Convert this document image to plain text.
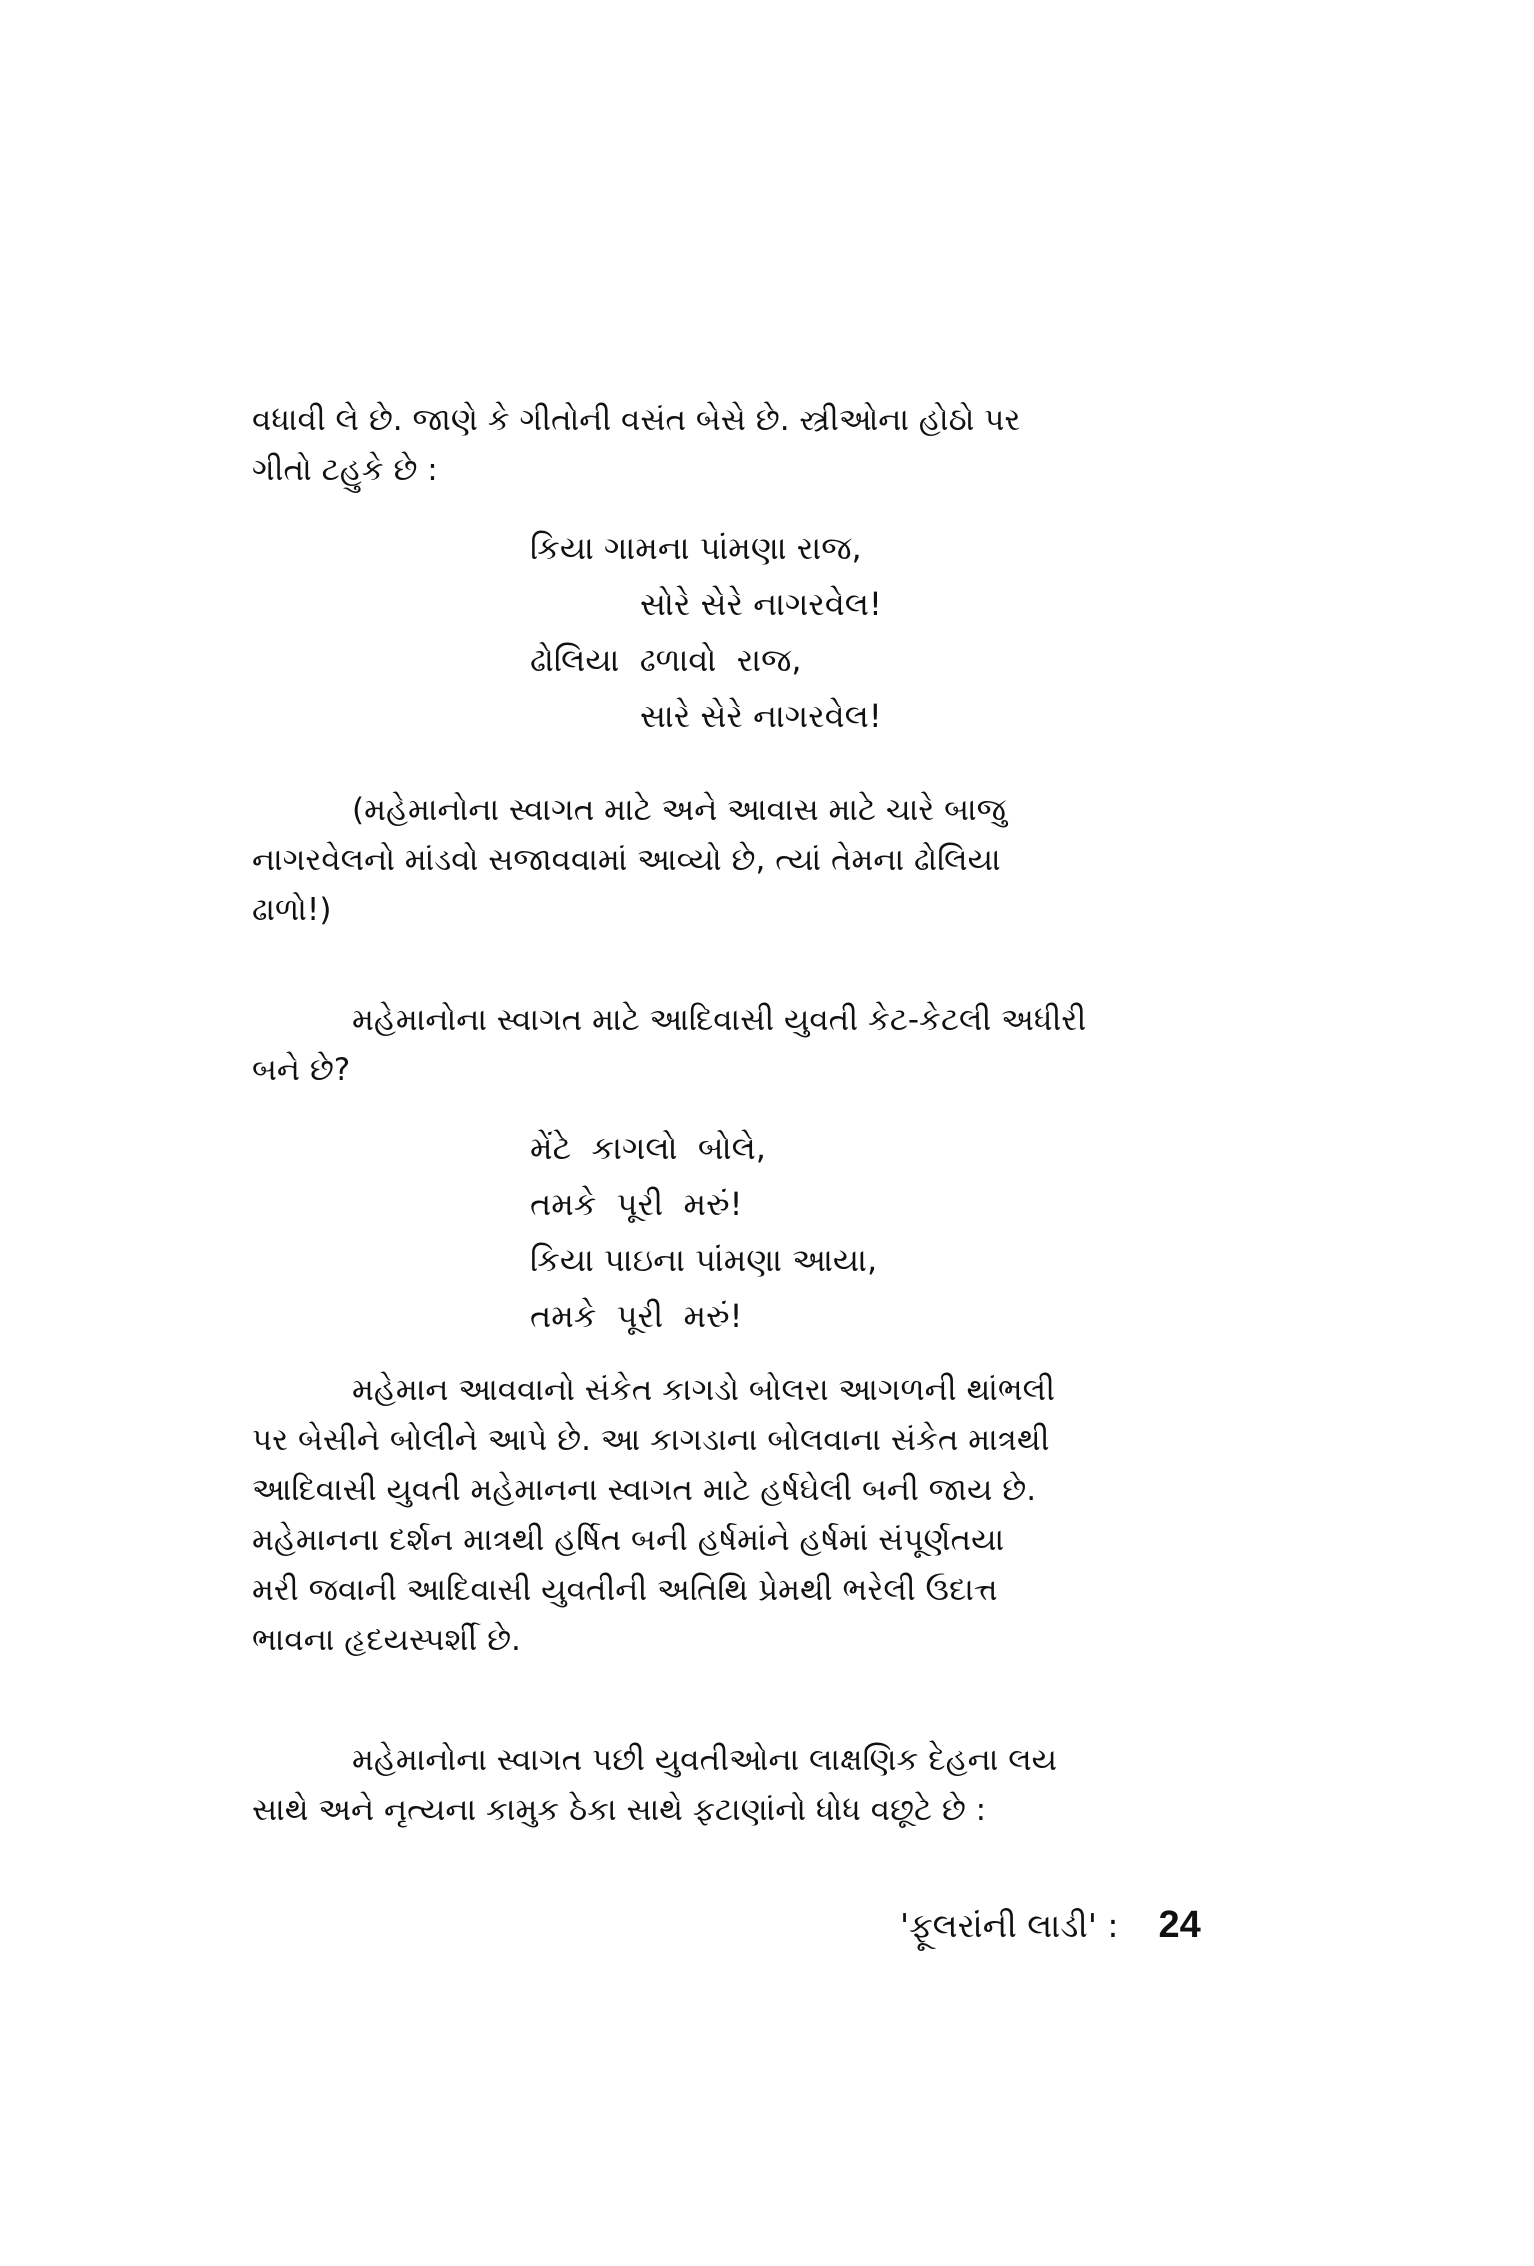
વધાવી લે છે. જાણે કે ગીતોની વસંત બેસે છે. સ્ત્રીઓના હોઠો પર
ગીતો ટહુકે છે :

કિયા ગામના પાંમણા રાજ,
સોરે સેરે નાગરવેલ!
ઢોલિયા  ઢળાવો  રાજ,
સારે સેરે નાગરવેલ!

(મહેમાનોના સ્વાગત માટે અને આવાસ માટે ચારે બાજુ
નાગરવેલનો માંડવો સજાવવામાં આવ્યો છે, ત્યાં તેમના ઢોલિયા
ઢાળો!)

મહેમાનોના સ્વાગત માટે આદિવાસી યુવતી કેટ-કેટલી અધીરી
બને છે?

મેંટે  કાગલો  બોલે,
તમકે  પૂરી  મરું!
કિયા પાઇના પાંમણા આયા,
તમકે  પૂરી  મરું!

મહેમાન આવવાનો સંકેત કાગડો બોલરા આગળની થાંભલી
પર બેસીને બોલીને આપે છે. આ કાગડાના બોલવાના સંકેત માત્રથી
આદિવાસી યુવતી મહેમાનના સ્વાગત માટે હર્ષઘેલી બની જાય છે.
મહેમાનના દર્શન માત્રથી હર્ષિત બની હર્ષમાંને હર્ષમાં સંપૂર્ણતયા
મરી જવાની આદિવાસી યુવતીની અતિથિ પ્રેમથી ભરેલી ઉદાત્ત
ભાવના હૃદયસ્પર્શી છે.

મહેમાનોના સ્વાગત પછી યુવતીઓના લાક્ષણિક દેહના લય
સાથે અને નૃત્યના કામુક ઠેકા સાથે ફટાણાંનો ધોધ વછૂટે છે :

'ફૂલરાંની લાડી' : 24
